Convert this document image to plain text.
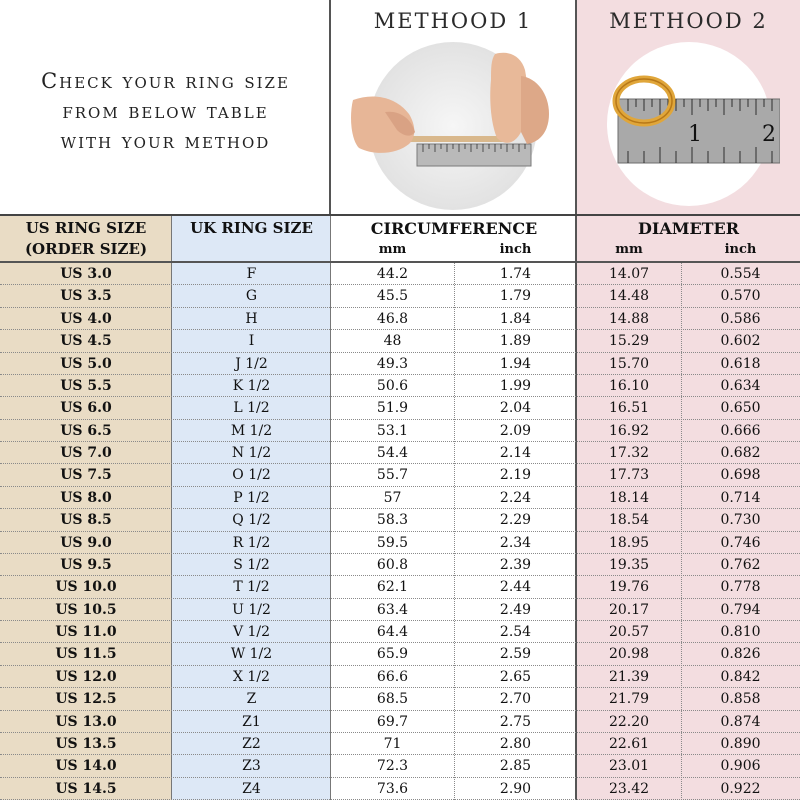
Check your ring size
from below table
with your method
METHOOD 1	METHOOD 2
1	2
US RING SIZE
(ORDER SIZE)
UK RING SIZE	CIRCUMFERENCE	DIAMETER
mm	inch	mm	inch
US 3.0	F	44.2	1.74	14.07	0.554
US 3.5	G	45.5	1.79	14.48	0.570
US 4.0	H	46.8	1.84	14.88	0.586
US 4.5	I	48	1.89	15.29	0.602
US 5.0	J 1/2	49.3	1.94	15.70	0.618
US 5.5	K 1/2	50.6	1.99	16.10	0.634
US 6.0	L 1/2	51.9	2.04	16.51	0.650
US 6.5	M 1/2	53.1	2.09	16.92	0.666
US 7.0	N 1/2	54.4	2.14	17.32	0.682
US 7.5	O 1/2	55.7	2.19	17.73	0.698
US 8.0	P 1/2	57	2.24	18.14	0.714
US 8.5	Q 1/2	58.3	2.29	18.54	0.730
US 9.0	R 1/2	59.5	2.34	18.95	0.746
US 9.5	S 1/2	60.8	2.39	19.35	0.762
US 10.0	T 1/2	62.1	2.44	19.76	0.778
US 10.5	U 1/2	63.4	2.49	20.17	0.794
US 11.0	V 1/2	64.4	2.54	20.57	0.810
US 11.5	W 1/2	65.9	2.59	20.98	0.826
US 12.0	X 1/2	66.6	2.65	21.39	0.842
US 12.5	Z	68.5	2.70	21.79	0.858
US 13.0	Z1	69.7	2.75	22.20	0.874
US 13.5	Z2	71	2.80	22.61	0.890
US 14.0	Z3	72.3	2.85	23.01	0.906
US 14.5	Z4	73.6	2.90	23.42	0.922
